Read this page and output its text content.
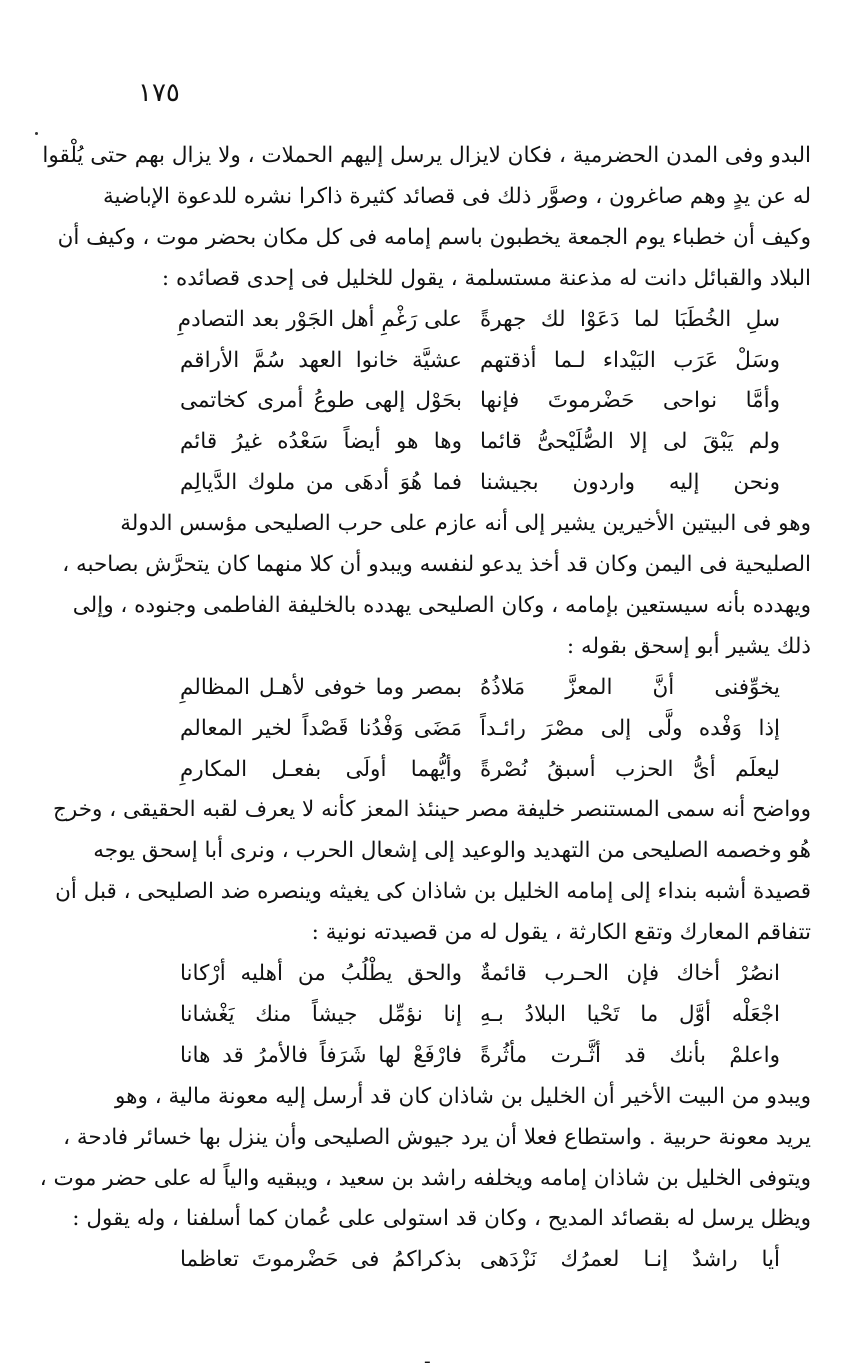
١٧٥
البدو وفى المدن الحضرمية ، فكان لايزال يرسل إليهم الحملات ، ولا يزال بهم حتى يُلْقوا
له عن يدٍ وهم صاغرون ، وصوَّر ذلك فى قصائد كثيرة ذاكرا نشره للدعوة الإباضية
وكيف أن خطباء يوم الجمعة يخطبون باسم إمامه فى كل مكان بحضر موت ، وكيف أن
البلاد والقبائل دانت له مذعنة مستسلمة ، يقول للخليل فى إحدى قصائده :
سلِ الخُطَبَا لما دَعَوْا لك جهرةً
على رَغْمِ أهل الجَوْر بعد التصادمِ
وسَلْ عَرَب البَيْداء لـما أذقتهم
عشيَّة خانوا العهد سُمَّ الأراقم
وأمَّا نواحى حَضْرموتَ فإنها
بحَوْل إلهى طوعُ أمرى كخاتمى
ولم يَبْقَ لى إلا الصُّلَيْحىُّ قائما
وها هو أيضاً سَعْدُه غيرُ قائم
ونحن إليه واردون بجيشنا
فما هُوَ أدهَى من ملوك الدَّيالِم
وهو فى البيتين الأخيرين يشير إلى أنه عازم على حرب الصليحى مؤسس الدولة
الصليحية فى اليمن وكان قد أخذ يدعو لنفسه ويبدو أن كلا منهما كان يتحرَّش بصاحبه ،
ويهدده بأنه سيستعين بإمامه ، وكان الصليحى يهدده بالخليفة الفاطمى وجنوده ، وإلى
ذلك يشير أبو إسحق بقوله :
يخوِّفنى أنَّ المعزَّ مَلاذُهُ
بمصر وما خوفى لأهـل المظالمِ
إذا وَفْده ولَّى إلى مصْرَ رائـداً
مَضَى وَفْدُنا قَصْداً لخير المعالم
ليعلَم أىُّ الحزب أسبقُ نُصْرةً
وأيُّهما أولَى بفعـل المكارمِ
وواضح أنه سمى المستنصر خليفة مصر حينئذ المعز كأنه لا يعرف لقبه الحقيقى ، وخرج
هُو وخصمه الصليحى من التهديد والوعيد إلى إشعال الحرب ، ونرى أبا إسحق يوجه
قصيدة أشبه بنداء إلى إمامه الخليل بن شاذان كى يغيثه وينصره ضد الصليحى ، قبل أن
تتفاقم المعارك وتقع الكارثة ، يقول له من قصيدته نونية :
انصُرْ أخاك فإن الحـرب قائمةٌ
والحق يطْلُبُ من أهليه أرْكانا
اجْعَلْه أوَّل ما تَحْيا البلادُ بـهِ
إنا نؤمِّل جيشاً منك يَغْشانا
واعلمْ بأنك قد أثَّـرت مأثُرةً
فارْفَعْ لها شَرَفاً فالأمرُ قد هانا
ويبدو من البيت الأخير أن الخليل بن شاذان كان قد أرسل إليه معونة مالية ، وهو
يريد معونة حربية . واستطاع فعلا أن يرد جيوش الصليحى وأن ينزل بها خسائر فادحة ،
ويتوفى الخليل بن شاذان إمامه ويخلفه راشد بن سعيد ، ويبقيه والياً له على حضر موت ،
ويظل يرسل له بقصائد المديح ، وكان قد استولى على عُمان كما أسلفنا ، وله يقول :
أيا راشدٌ إنـا لعمرُك نَزْدَهى
بذكراكمُ فى حَضْرموتَ تعاظما
ـ
